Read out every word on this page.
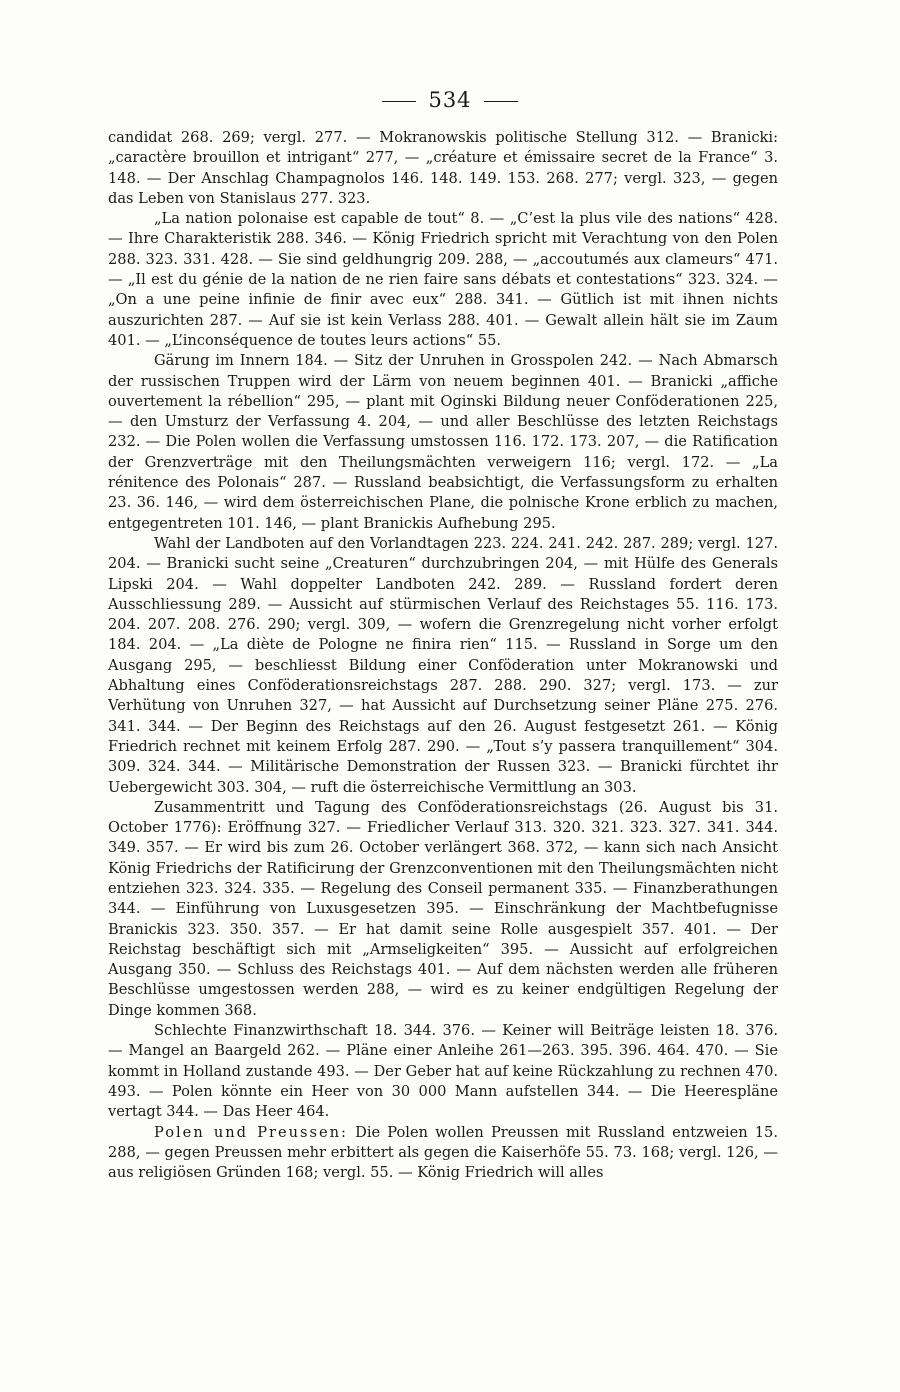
534

candidat 268. 269; vergl. 277. — Mokranowskis politische Stellung 312. — Branicki: „caractère brouillon et intrigant“ 277, — „créature et émissaire secret de la France“ 3. 148. — Der Anschlag Champagnolos 146. 148. 149. 153. 268. 277; vergl. 323, — gegen das Leben von Stanislaus 277. 323.

„La nation polonaise est capable de tout“ 8. — „C’est la plus vile des nations“ 428. — Ihre Charakteristik 288. 346. — König Friedrich spricht mit Verachtung von den Polen 288. 323. 331. 428. — Sie sind geldhungrig 209. 288, — „accoutumés aux clameurs“ 471. — „Il est du génie de la nation de ne rien faire sans débats et contestations“ 323. 324. — „On a une peine infinie de finir avec eux“ 288. 341. — Gütlich ist mit ihnen nichts auszurichten 287. — Auf sie ist kein Verlass 288. 401. — Gewalt allein hält sie im Zaum 401. — „L’inconséquence de toutes leurs actions“ 55.

Gärung im Innern 184. — Sitz der Unruhen in Grosspolen 242. — Nach Abmarsch der russischen Truppen wird der Lärm von neuem beginnen 401. — Branicki „affiche ouvertement la rébellion“ 295, — plant mit Oginski Bildung neuer Conföderationen 225, — den Umsturz der Verfassung 4. 204, — und aller Beschlüsse des letzten Reichstags 232. — Die Polen wollen die Verfassung umstossen 116. 172. 173. 207, — die Ratification der Grenzverträge mit den Theilungsmächten verweigern 116; vergl. 172. — „La rénitence des Polonais“ 287. — Russland beabsichtigt, die Verfassungsform zu erhalten 23. 36. 146, — wird dem österreichischen Plane, die polnische Krone erblich zu machen, entgegentreten 101. 146, — plant Branickis Aufhebung 295.

Wahl der Landboten auf den Vorlandtagen 223. 224. 241. 242. 287. 289; vergl. 127. 204. — Branicki sucht seine „Creaturen“ durchzubringen 204, — mit Hülfe des Generals Lipski 204. — Wahl doppelter Landboten 242. 289. — Russland fordert deren Ausschliessung 289. — Aussicht auf stürmischen Verlauf des Reichstages 55. 116. 173. 204. 207. 208. 276. 290; vergl. 309, — wofern die Grenzregelung nicht vorher erfolgt 184. 204. — „La diète de Pologne ne finira rien“ 115. — Russland in Sorge um den Ausgang 295, — beschliesst Bildung einer Conföderation unter Mokranowski und Abhaltung eines Conföderationsreichstags 287. 288. 290. 327; vergl. 173. — zur Verhütung von Unruhen 327, — hat Aussicht auf Durchsetzung seiner Pläne 275. 276. 341. 344. — Der Beginn des Reichstags auf den 26. August festgesetzt 261. — König Friedrich rechnet mit keinem Erfolg 287. 290. — „Tout s’y passera tranquillement“ 304. 309. 324. 344. — Militärische Demonstration der Russen 323. — Branicki fürchtet ihr Uebergewicht 303. 304, — ruft die österreichische Vermittlung an 303.

Zusammentritt und Tagung des Conföderationsreichstags (26. August bis 31. October 1776): Eröffnung 327. — Friedlicher Verlauf 313. 320. 321. 323. 327. 341. 344. 349. 357. — Er wird bis zum 26. October verlängert 368. 372, — kann sich nach Ansicht König Friedrichs der Ratificirung der Grenzconventionen mit den Theilungsmächten nicht entziehen 323. 324. 335. — Regelung des Conseil permanent 335. — Finanzberathungen 344. — Einführung von Luxusgesetzen 395. — Einschränkung der Machtbefugnisse Branickis 323. 350. 357. — Er hat damit seine Rolle ausgespielt 357. 401. — Der Reichstag beschäftigt sich mit „Armseligkeiten“ 395. — Aussicht auf erfolgreichen Ausgang 350. — Schluss des Reichstags 401. — Auf dem nächsten werden alle früheren Beschlüsse umgestossen werden 288, — wird es zu keiner endgültigen Regelung der Dinge kommen 368.

Schlechte Finanzwirthschaft 18. 344. 376. — Keiner will Beiträge leisten 18. 376. — Mangel an Baargeld 262. — Pläne einer Anleihe 261—263. 395. 396. 464. 470. — Sie kommt in Holland zustande 493. — Der Geber hat auf keine Rückzahlung zu rechnen 470. 493. — Polen könnte ein Heer von 30 000 Mann aufstellen 344. — Die Heerespläne vertagt 344. — Das Heer 464.

Polen und Preussen: Die Polen wollen Preussen mit Russland entzweien 15. 288, — gegen Preussen mehr erbittert als gegen die Kaiserhöfe 55. 73. 168; vergl. 126, — aus religiösen Gründen 168; vergl. 55. — König Friedrich will alles
